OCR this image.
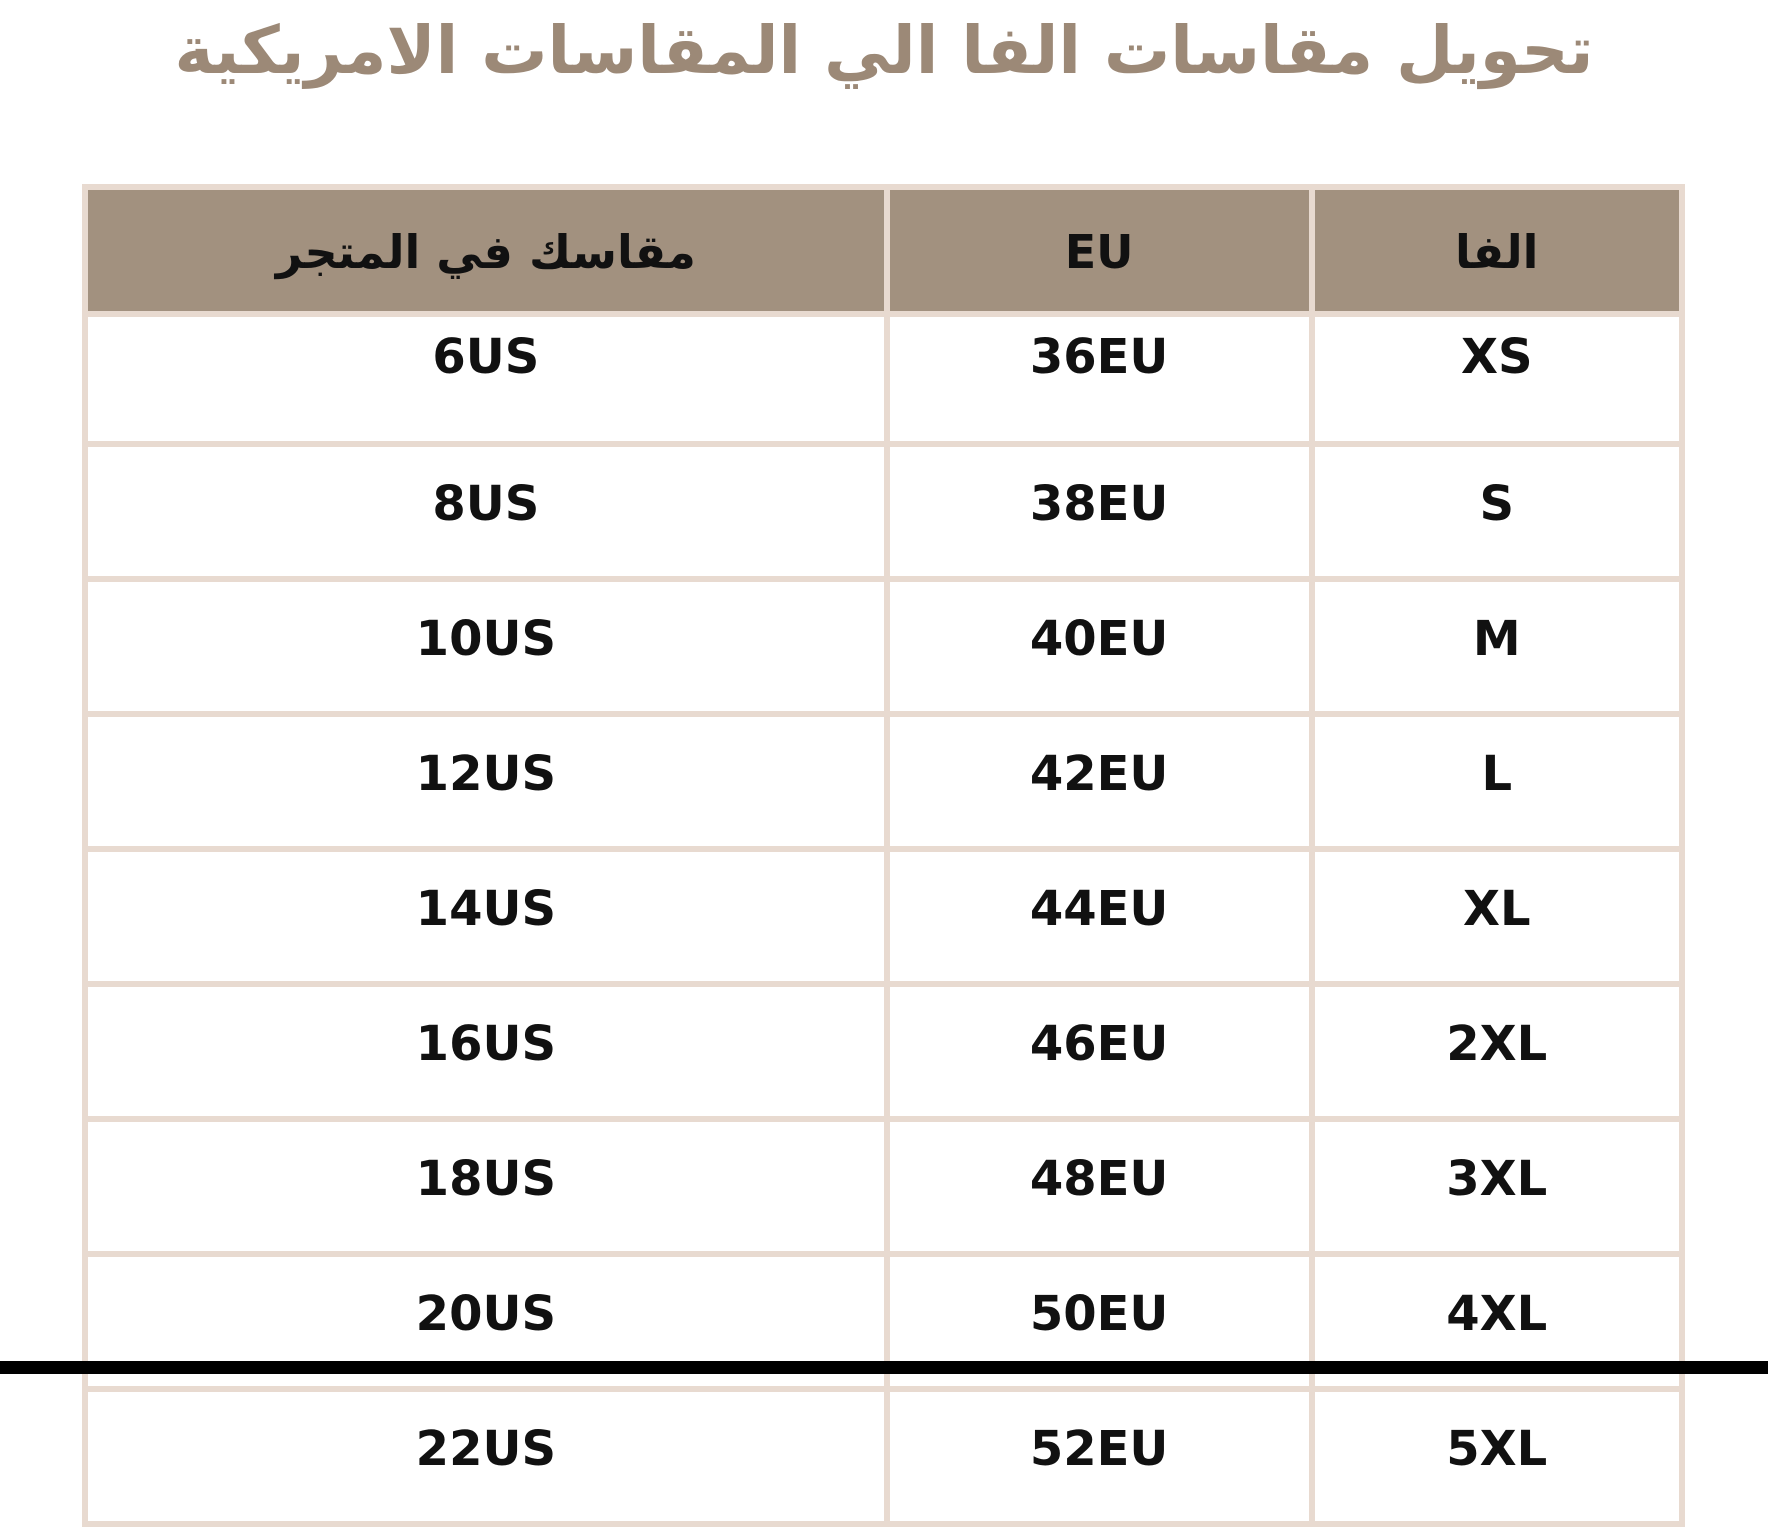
تحويل مقاسات الفا الي المقاسات الامريكية
الفا	EU	مقاسك في المتجر
XS	36EU	6US
S	38EU	8US
M	40EU	10US
L	42EU	12US
XL	44EU	14US
2XL	46EU	16US
3XL	48EU	18US
4XL	50EU	20US
5XL	52EU	22US
